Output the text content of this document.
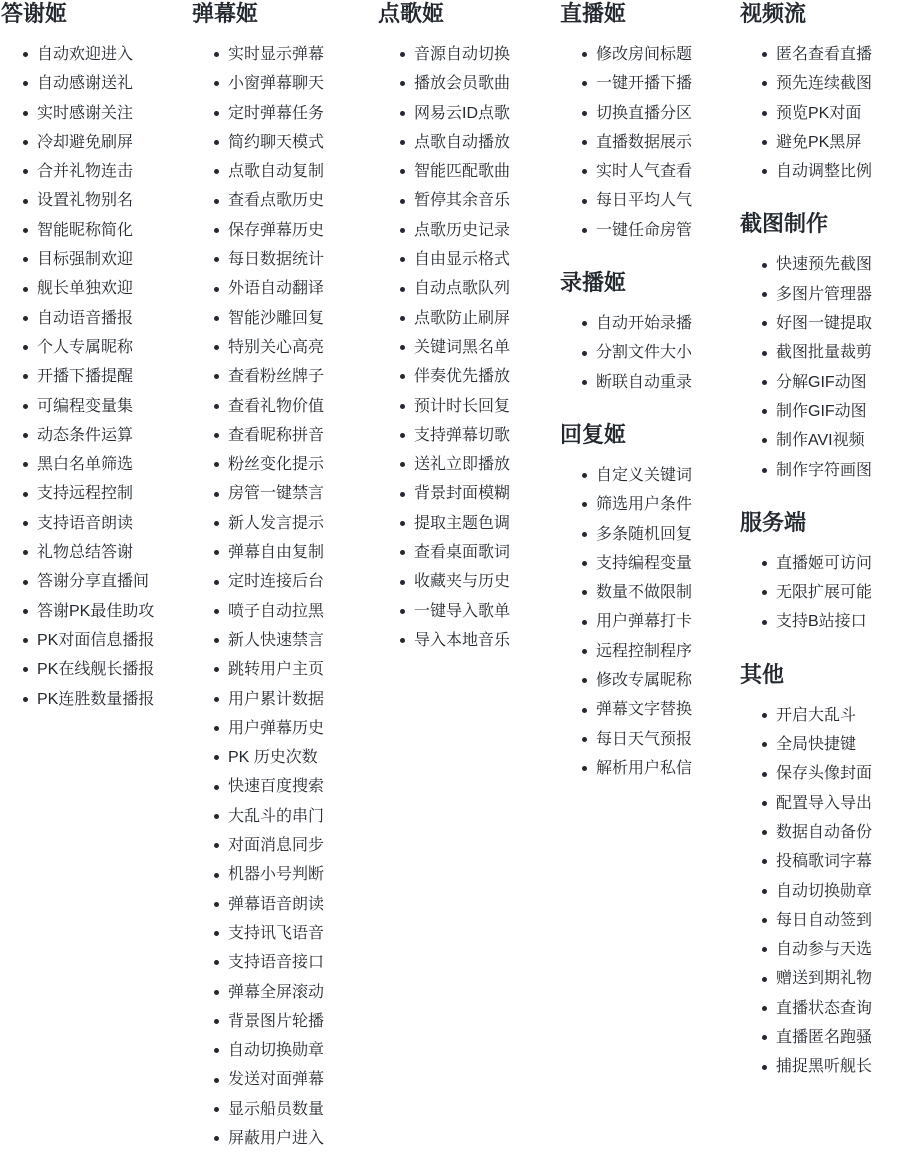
答谢姬
自动欢迎进入
自动感谢送礼
实时感谢关注
冷却避免刷屏
合并礼物连击
设置礼物别名
智能昵称简化
目标强制欢迎
舰长单独欢迎
自动语音播报
个人专属昵称
开播下播提醒
可编程变量集
动态条件运算
黑白名单筛选
支持远程控制
支持语音朗读
礼物总结答谢
答谢分享直播间
答谢PK最佳助攻
PK对面信息播报
PK在线舰长播报
PK连胜数量播报
弹幕姬
实时显示弹幕
小窗弹幕聊天
定时弹幕任务
简约聊天模式
点歌自动复制
查看点歌历史
保存弹幕历史
每日数据统计
外语自动翻译
智能沙雕回复
特别关心高亮
查看粉丝牌子
查看礼物价值
查看昵称拼音
粉丝变化提示
房管一键禁言
新人发言提示
弹幕自由复制
定时连接后台
喷子自动拉黑
新人快速禁言
跳转用户主页
用户累计数据
用户弹幕历史
PK 历史次数
快速百度搜索
大乱斗的串门
对面消息同步
机器小号判断
弹幕语音朗读
支持讯飞语音
支持语音接口
弹幕全屏滚动
背景图片轮播
自动切换勋章
发送对面弹幕
显示船员数量
屏蔽用户进入
点歌姬
音源自动切换
播放会员歌曲
网易云ID点歌
点歌自动播放
智能匹配歌曲
暂停其余音乐
点歌历史记录
自由显示格式
自动点歌队列
点歌防止刷屏
关键词黑名单
伴奏优先播放
预计时长回复
支持弹幕切歌
送礼立即播放
背景封面模糊
提取主题色调
查看桌面歌词
收藏夹与历史
一键导入歌单
导入本地音乐
直播姬
修改房间标题
一键开播下播
切换直播分区
直播数据展示
实时人气查看
每日平均人气
一键任命房管
录播姬
自动开始录播
分割文件大小
断联自动重录
回复姬
自定义关键词
筛选用户条件
多条随机回复
支持编程变量
数量不做限制
用户弹幕打卡
远程控制程序
修改专属昵称
弹幕文字替换
每日天气预报
解析用户私信
视频流
匿名查看直播
预先连续截图
预览PK对面
避免PK黑屏
自动调整比例
截图制作
快速预先截图
多图片管理器
好图一键提取
截图批量裁剪
分解GIF动图
制作GIF动图
制作AVI视频
制作字符画图
服务端
直播姬可访问
无限扩展可能
支持B站接口
其他
开启大乱斗
全局快捷键
保存头像封面
配置导入导出
数据自动备份
投稿歌词字幕
自动切换勋章
每日自动签到
自动参与天选
赠送到期礼物
直播状态查询
直播匿名跑骚
捕捉黑听舰长
